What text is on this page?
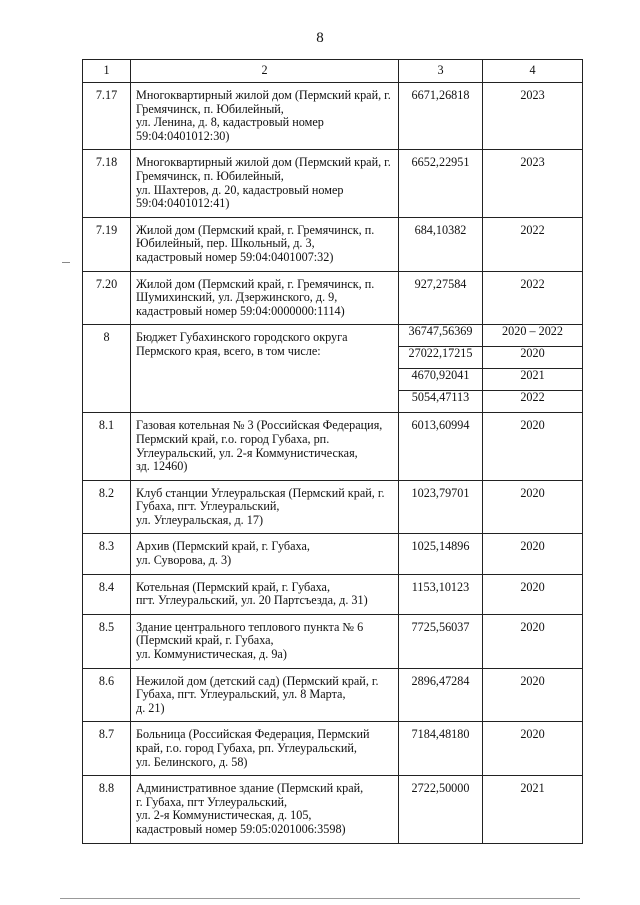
8
1	2	3	4
7.17	Многоквартирный жилой дом (Пермский край, г. Гремячинск, п. Юбилейный,
ул. Ленина, д. 8, кадастровый номер 59:04:0401012:30)	6671,26818	2023
7.18	Многоквартирный жилой дом (Пермский край, г. Гремячинск, п. Юбилейный,
ул. Шахтеров, д. 20, кадастровый номер 59:04:0401012:41)	6652,22951	2023
7.19	Жилой дом (Пермский край, г. Гремячинск, п. Юбилейный, пер. Школьный, д. 3,
кадастровый номер 59:04:0401007:32)	684,10382	2022
7.20	Жилой дом (Пермский край, г. Гремячинск, п. Шумихинский, ул. Дзержинского, д. 9,
кадастровый номер 59:04:0000000:1114)	927,27584	2022
8	Бюджет Губахинского городского округа Пермского края, всего, в том числе:	36747,56369	2020 – 2022
		27022,17215	2020
		4670,92041	2021
		5054,47113	2022
8.1	Газовая котельная № 3 (Российская Федерация, Пермский край, г.о. город Губаха, рп. Углеуральский, ул. 2-я Коммунистическая,
зд. 12460)	6013,60994	2020
8.2	Клуб станции Углеуральская (Пермский край, г. Губаха, пгт. Углеуральский,
ул. Углеуральская, д. 17)	1023,79701	2020
8.3	Архив (Пермский край, г. Губаха,
ул. Суворова, д. 3)	1025,14896	2020
8.4	Котельная (Пермский край, г. Губаха,
пгт. Углеуральский, ул. 20 Партсъезда, д. 31)	1153,10123	2020
8.5	Здание центрального теплового пункта № 6 (Пермский край, г. Губаха,
ул. Коммунистическая, д. 9а)	7725,56037	2020
8.6	Нежилой дом (детский сад) (Пермский край, г. Губаха, пгт. Углеуральский, ул. 8 Марта,
д. 21)	2896,47284	2020
8.7	Больница (Российская Федерация, Пермский край, г.о. город Губаха, рп. Углеуральский,
ул. Белинского, д. 58)	7184,48180	2020
8.8	Административное здание (Пермский край,
г. Губаха, пгт Углеуральский,
ул. 2-я Коммунистическая, д. 105,
кадастровый номер 59:05:0201006:3598)	2722,50000	2021
